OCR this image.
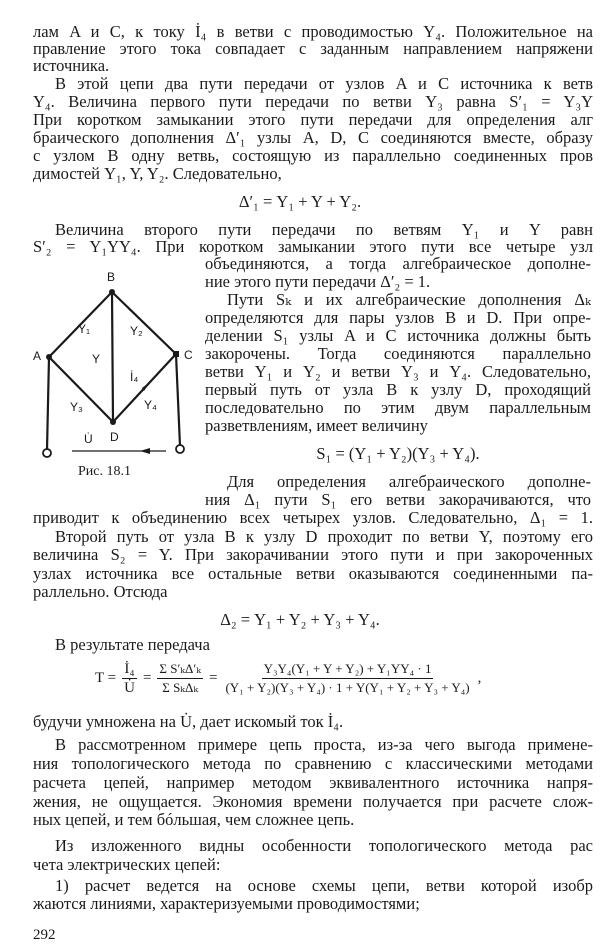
лам A и C, к току İ₄ в ветви с проводимостью Y₄. Положительное на
правление этого тока совпадает с заданным направлением напряжени
источника.
В этой цепи два пути передачи от узлов A и C источника к ветв
Y₄. Величина первого пути передачи по ветви Y₃ равна S′₁ = Y₃Y
При коротком замыкании этого пути передачи для определения алг
браического дополнения Δ′₁ узлы A, D, C соединяются вместе, образу
с узлом B одну ветвь, состоящую из параллельно соединенных пров
димостей Y₁, Y, Y₂. Следовательно,
Δ′₁ = Y₁ + Y + Y₂.
Величина второго пути передачи по ветвям Y₁ и Y равн
S′₂ = Y₁YY₄. При коротком замыкании этого пути все четыре узл
объединяются, а тогда алгебраическое дополне-
ние этого пути передачи Δ′₂ = 1.
Пути Sₖ и их алгебраические дополнения Δₖ
определяются для пары узлов B и D. При опре-
делении S₁ узлы A и C источника должны быть
закорочены. Тогда соединяются параллельно
ветви Y₁ и Y₂ и ветви Y₃ и Y₄. Следовательно,
первый путь от узла B к узлу D, проходящий
последовательно по этим двум параллельным
разветвлениям, имеет величину
S₁ = (Y₁ + Y₂)(Y₃ + Y₄).
Для определения алгебраического дополне-
ния Δ₁ пути S₁ его ветви закорачиваются, что
приводит к объединению всех четырех узлов. Следовательно, Δ₁ = 1.
Второй путь от узла B к узлу D проходит по ветви Y, поэтому его
величина S₂ = Y. При закорачивании этого пути и при закороченных
узлах источника все остальные ветви оказываются соединенными па-
раллельно. Отсюда
Δ₂ = Y₁ + Y₂ + Y₃ + Y₄.
В результате передача
$T = \frac{\text{İ₄}}{U̇} = \frac{\text{Σ S′ₖΔ′ₖ}}{\text{Σ SₖΔₖ}} = \frac{\text{Y₃Y₄(Y₁ + Y + Y₂) + Y₁YY₄ · 1}}{\text{(Y₁ + Y₂)(Y₃ + Y₄) · 1 + Y(Y₁ + Y₂ + Y₃ + Y₄)}}$ ,
будучи умножена на U̇, дает искомый ток İ₄.
В рассмотренном примере цепь проста, из-за чего выгода примене-
ния топологического метода по сравнению с классическими методами
расчета цепей, например методом эквивалентного источника напря-
жения, не ощущается. Экономия времени получается при расчете слож-
ных цепей, и тем бóльшая, чем сложнее цепь.
Из изложенного видны особенности топологического метода рас
чета электрических цепей:
1) расчет ведется на основе схемы цепи, ветви которой изобр
жаются линиями, характеризуемыми проводимостями;
B
A	C
D
Y₁	Y₂
Y
Y₃	Y₄
İ₄
U̇
Рис. 18.1
292
